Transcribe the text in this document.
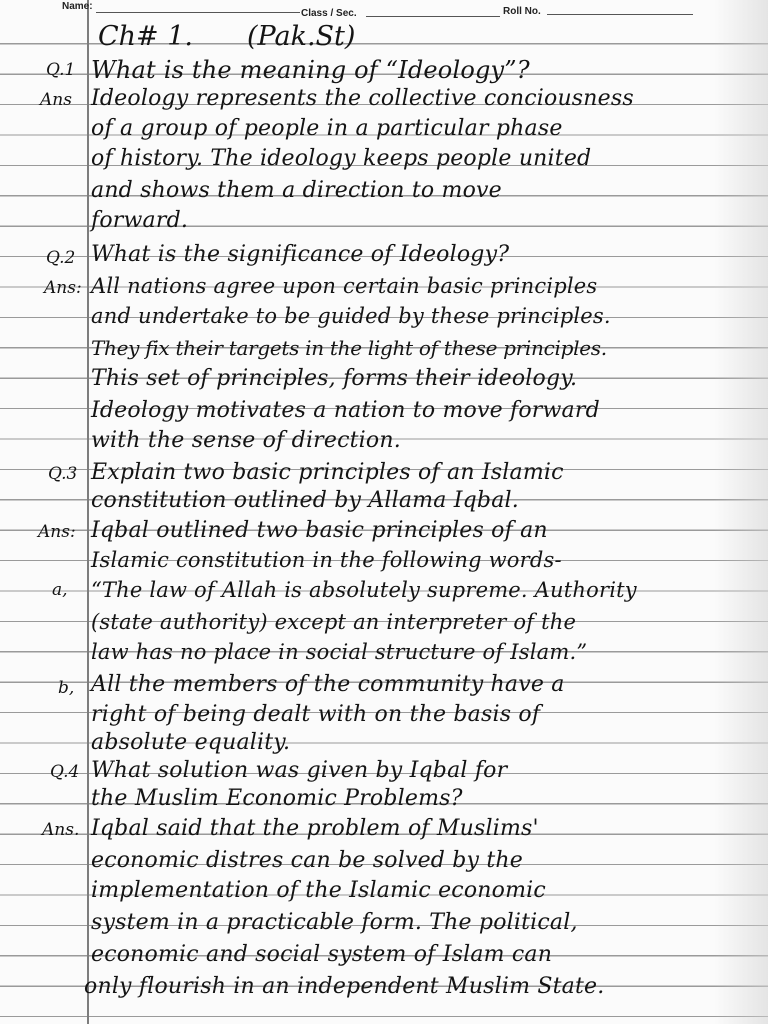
Name:
Class / Sec.	Roll No.
Ch# 1. (Pak.St)
Q.1
Ans
Q.2
Ans:
Q.3
Ans:
a,
b,
Q.4
Ans.
What is the meaning of “Ideology”?
Ideology represents the collective conciousness
of a group of people in a particular phase
of history. The ideology keeps people united
and shows them a direction to move
forward.
What is the significance of Ideology?
All nations agree upon certain basic principles
and undertake to be guided by these principles.
They fix their targets in the light of these principles.
This set of principles, forms their ideology.
Ideology motivates a nation to move forward
with the sense of direction.
Explain two basic principles of an Islamic
constitution outlined by Allama Iqbal.
Iqbal outlined two basic principles of an
Islamic constitution in the following words-
“The law of Allah is absolutely supreme. Authority
(state authority) except an interpreter of the
law has no place in social structure of Islam.”
All the members of the community have a
right of being dealt with on the basis of
absolute equality.
What solution was given by Iqbal for
the Muslim Economic Problems?
Iqbal said that the problem of Muslims'
economic distres can be solved by the
implementation of the Islamic economic
system in a practicable form. The political,
economic and social system of Islam can
only flourish in an independent Muslim State.
